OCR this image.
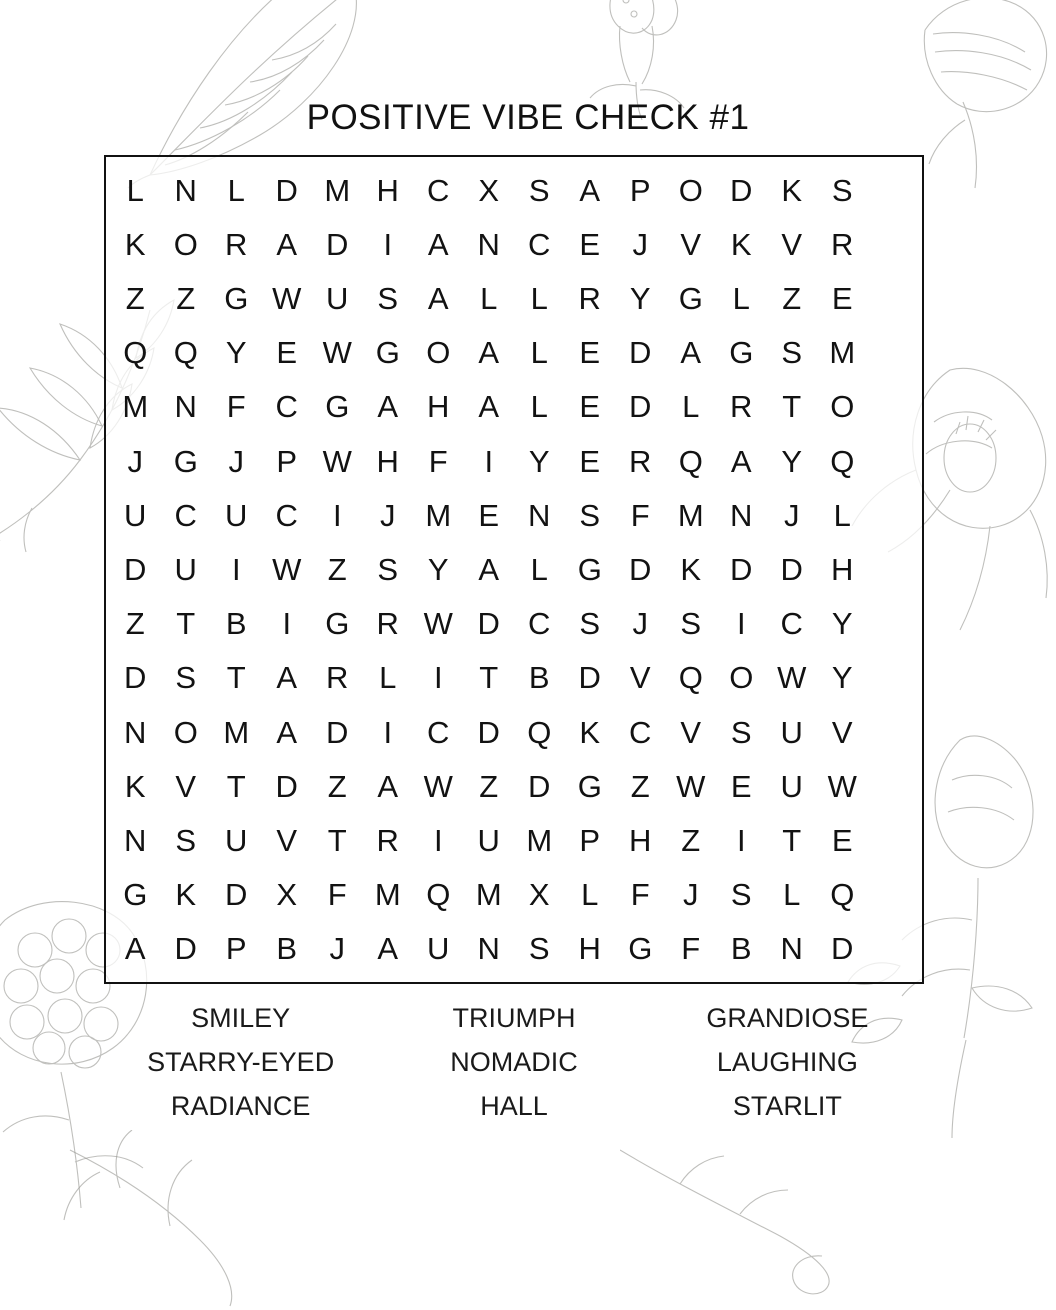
POSITIVE VIBE CHECK #1
L N L D M H C X S A P O D K S
K O R A D I A N C E J V K V R
Z Z G W U S A L L R Y G L Z E
Q Q Y E W G O A L E D A G S M
M N F C G A H A L E D L R T O
J G J P W H F I Y E R Q A Y Q
U C U C I J M E N S F M N J L
D U I W Z S Y A L G D K D D H
Z T B I G R W D C S J S I C Y
D S T A R L I T B D V Q O W Y
N O M A D I C D Q K C V S U V
K V T D Z A W Z D G Z W E U W
N S U V T R I U M P H Z I T E
G K D X F M Q M X L F J S L Q
A D P B J A U N S H G F B N D
SMILEY	TRIUMPH	GRANDIOSE
STARRY-EYED	NOMADIC	LAUGHING
RADIANCE	HALL	STARLIT
